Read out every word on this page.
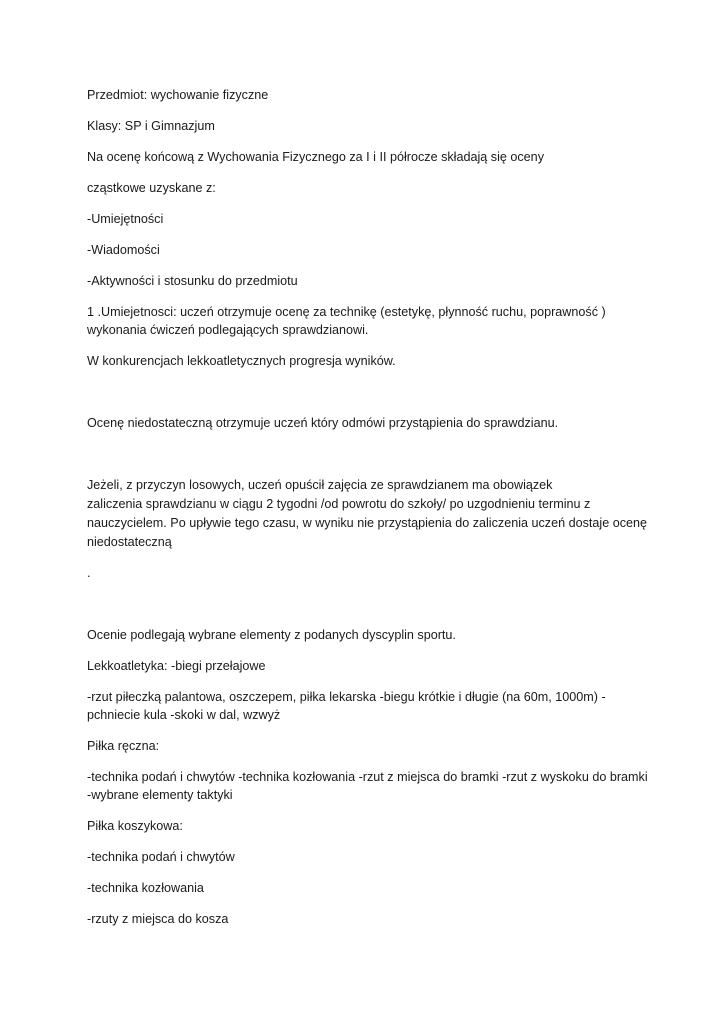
Przedmiot: wychowanie fizyczne

Klasy: SP i Gimnazjum

Na ocenę końcową z Wychowania Fizycznego za I i II półrocze składają się oceny

cząstkowe uzyskane z:

-Umiejętności

-Wiadomości

-Aktywności i stosunku do przedmiotu

1 .Umiejetnosci: uczeń otrzymuje ocenę za technikę (estetykę, płynność ruchu, poprawność )

wykonania ćwiczeń podlegających sprawdzianowi.

W konkurencjach lekkoatletycznych progresja wyników.

Ocenę niedostateczną otrzymuje uczeń który odmówi przystąpienia do sprawdzianu.

Jeżeli, z przyczyn losowych, uczeń opuścił zajęcia ze sprawdzianem ma obowiązek

zaliczenia sprawdzianu w ciągu 2 tygodni /od powrotu do szkoły/ po uzgodnieniu terminu z

nauczycielem. Po upływie tego czasu, w wyniku nie przystąpienia do zaliczenia uczeń dostaje ocenę

niedostateczną

.

Ocenie podlegają wybrane elementy z podanych dyscyplin sportu.

Lekkoatletyka: -biegi przełajowe

-rzut piłeczką palantowa, oszczepem, piłka lekarska -biegu krótkie i długie (na 60m, 1000m) -

pchniecie kula -skoki w dal, wzwyż

Piłka ręczna:

-technika podań i chwytów -technika kozłowania -rzut z miejsca do bramki -rzut z wyskoku do bramki

-wybrane elementy taktyki

Piłka koszykowa:

-technika podań i chwytów

-technika kozłowania

-rzuty z miejsca do kosza
